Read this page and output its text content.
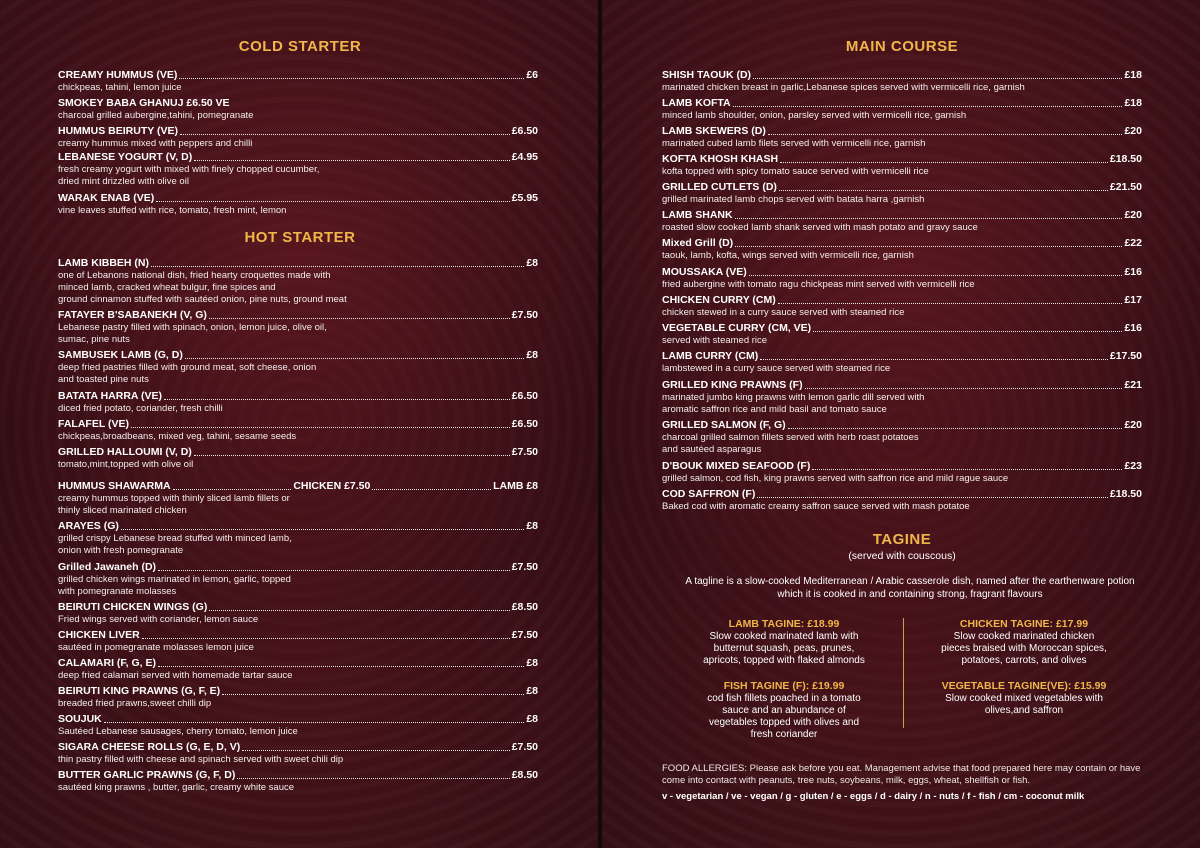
COLD STARTER
CREAMY HUMMUS (VE)	£6
chickpeas, tahini, lemon juice
SMOKEY BABA GHANUJ £6.50 VE
charcoal grilled aubergine,tahini, pomegranate
HUMMUS BEIRUTY (VE)	£6.50
creamy hummus mixed with peppers and chilli
LEBANESE YOGURT (V, D)	£4.95
fresh creamy yogurt with mixed with finely chopped cucumber,
dried mint drizzled with olive oil
WARAK ENAB (VE)	£5.95
vine leaves stuffed with rice, tomato, fresh mint, lemon
HOT STARTER
LAMB KIBBEH (N)	£8
one of Lebanons national dish, fried hearty croquettes made with
minced lamb, cracked wheat bulgur, fine spices and
ground cinnamon stuffed with sautéed onion, pine nuts, ground meat
FATAYER B'SABANEKH (V, G)	£7.50
Lebanese pastry filled with spinach, onion, lemon juice, olive oil,
sumac, pine nuts
SAMBUSEK LAMB (G, D)	£8
deep fried pastries filled with ground meat, soft cheese, onion
and toasted pine nuts
BATATA HARRA (VE)	£6.50
diced fried potato, coriander, fresh chilli
FALAFEL (VE)	£6.50
chickpeas,broadbeans, mixed veg, tahini, sesame seeds
GRILLED HALLOUMI (V, D)	£7.50
tomato,mint,topped with olive oil
HUMMUS SHAWARMA	CHICKEN £7.50	LAMB £8
creamy hummus topped with thinly sliced lamb fillets or
thinly sliced marinated chicken
ARAYES (G)	£8
grilled crispy Lebanese bread stuffed with minced lamb,
onion with fresh pomegranate
Grilled Jawaneh (D)	£7.50
grilled chicken wings marinated in lemon, garlic, topped
with pomegranate molasses
BEIRUTI CHICKEN WINGS (G)	£8.50
Fried wings served with coriander, lemon sauce
CHICKEN LIVER	£7.50
sautéed in pomegranate molasses lemon juice
CALAMARI (F, G, E)	£8
deep fried calamari served with homemade tartar sauce
BEIRUTI KING PRAWNS (G, F, E)	£8
breaded fried prawns,sweet chilli dip
SOUJUK	£8
Sautéed Lebanese sausages, cherry tomato, lemon juice
SIGARA CHEESE ROLLS (G, E, D, V)	£7.50
thin pastry filled with cheese and spinach served with sweet chili dip
BUTTER GARLIC PRAWNS (G, F, D)	£8.50
sautéed king prawns , butter, garlic, creamy white sauce
MAIN COURSE
SHISH TAOUK (D)	£18
marinated chicken breast in garlic,Lebanese spices served with vermicelli rice, garnish
LAMB KOFTA	£18
minced lamb shoulder, onion, parsley served with vermicelli rice, garnish
LAMB SKEWERS (D)	£20
marinated cubed lamb filets served with vermicelli rice, garnish
KOFTA KHOSH KHASH	£18.50
kofta topped with spicy tomato sauce served with vermicelli rice
GRILLED CUTLETS (D)	£21.50
grilled marinated lamb chops served with batata harra ,garnish
LAMB SHANK	£20
roasted slow cooked lamb shank served with mash potato and gravy sauce
Mixed Grill (D)	£22
taouk, lamb, kofta, wings served with vermicelli rice, garnish
MOUSSAKA (VE)	£16
fried aubergine with tomato ragu chickpeas mint served with vermicelli rice
CHICKEN CURRY (CM)	£17
chicken stewed in a curry sauce served with steamed rice
VEGETABLE CURRY (CM, VE)	£16
served with steamed rice
LAMB CURRY (CM)	£17.50
lambstewed in a curry sauce served with steamed rice
GRILLED KING PRAWNS (F)	£21
marinated jumbo king prawns with lemon garlic dill served with
aromatic saffron rice and mild basil and tomato sauce
GRILLED SALMON (F, G)	£20
charcoal grilled salmon fillets served with herb roast potatoes
and sautéed asparagus
D'BOUK MIXED SEAFOOD (F)	£23
grilled salmon, cod fish, king prawns served with saffron rice and mild rague sauce
COD SAFFRON (F)	£18.50
Baked cod with aromatic creamy saffron sauce served with mash potatoe
TAGINE
(served with couscous)
A tagline is a slow-cooked Mediterranean / Arabic casserole dish, named after the earthenware potion which it is cooked in and containing strong, fragrant flavours
LAMB TAGINE: £18.99
Slow cooked marinated lamb with
butternut squash, peas, prunes,
apricots, topped with flaked almonds
CHICKEN TAGINE: £17.99
Slow cooked marinated chicken
pieces braised with Moroccan spices,
potatoes, carrots, and olives
FISH TAGINE (F): £19.99
cod fish fillets poached in a tomato
sauce and an abundance of
vegetables topped with olives and
fresh coriander
VEGETABLE TAGINE(VE): £15.99
Slow cooked mixed vegetables with
olives,and saffron
FOOD ALLERGIES: Please ask before you eat. Management advise that food prepared here may contain or have come into contact with peanuts, tree nuts, soybeans, milk, eggs, wheat, shellfish or fish.
v - vegetarian / ve - vegan / g - gluten / e - eggs / d - dairy / n - nuts / f - fish / cm - coconut milk
